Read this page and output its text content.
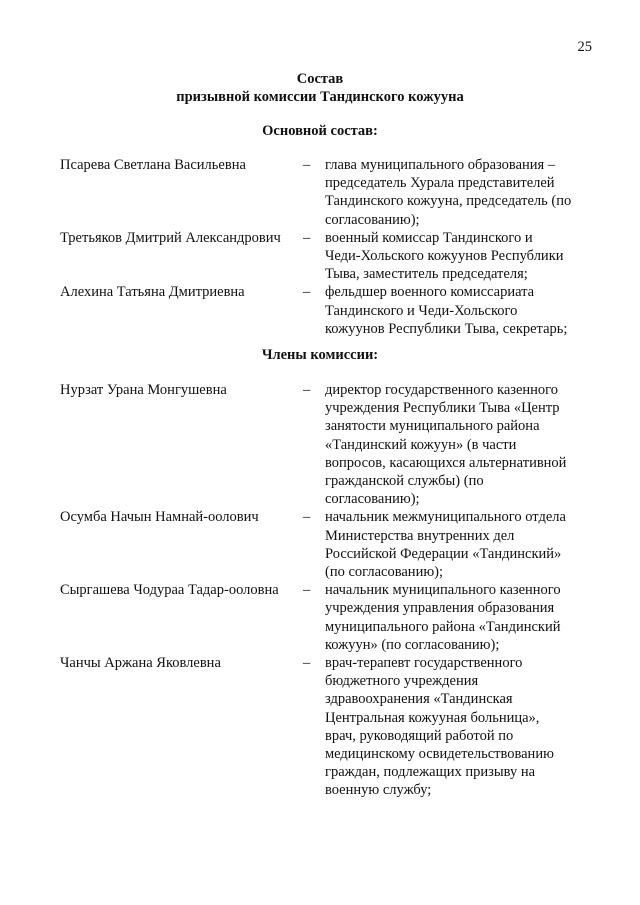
25
Состав
призывной комиссии Тандинского кожууна
Основной состав:
Псарева Светлана Васильевна	–	глава муниципального образования –
председатель Хурала представителей
Тандинского кожууна, председатель (по
согласованию);
Третьяков Дмитрий Александрович	–	военный комиссар Тандинского и
Чеди-Хольского кожуунов Республики
Тыва, заместитель председателя;
Алехина Татьяна Дмитриевна	–	фельдшер военного комиссариата
Тандинского и Чеди-Хольского
кожуунов Республики Тыва, секретарь;
Члены комиссии:
Нурзат Урана Монгушевна	–	директор государственного казенного
учреждения Республики Тыва «Центр
занятости муниципального района
«Тандинский кожуун» (в части
вопросов, касающихся альтернативной
гражданской службы) (по
согласованию);
Осумба Начын Намнай-оолович	–	начальник межмуниципального отдела
Министерства внутренних дел
Российской Федерации «Тандинский»
(по согласованию);
Сыргашева Чодураа Тадар-ооловна	–	начальник муниципального казенного
учреждения управления образования
муниципального района «Тандинский
кожуун» (по согласованию);
Чанчы Аржана Яковлевна	–	врач-терапевт государственного
бюджетного учреждения
здравоохранения «Тандинская
Центральная кожууная больница»,
врач, руководящий работой по
медицинскому освидетельствованию
граждан, подлежащих призыву на
военную службу;
